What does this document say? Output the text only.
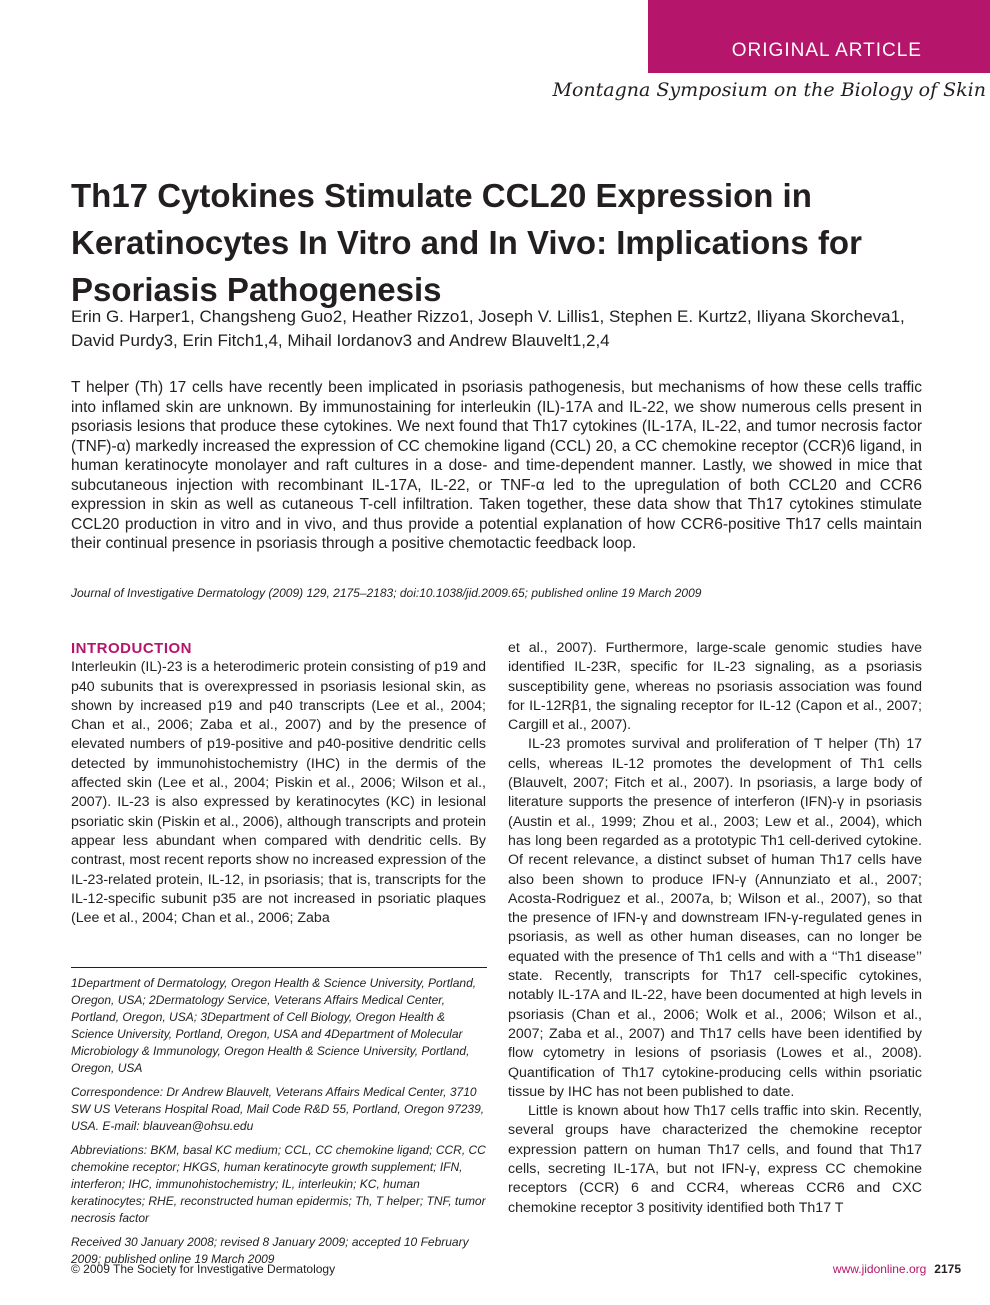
ORIGINAL ARTICLE
Montagna Symposium on the Biology of Skin
Th17 Cytokines Stimulate CCL20 Expression in Keratinocytes In Vitro and In Vivo: Implications for Psoriasis Pathogenesis
Erin G. Harper1, Changsheng Guo2, Heather Rizzo1, Joseph V. Lillis1, Stephen E. Kurtz2, Iliyana Skorcheva1, David Purdy3, Erin Fitch1,4, Mihail Iordanov3 and Andrew Blauvelt1,2,4

T helper (Th) 17 cells have recently been implicated in psoriasis pathogenesis, but mechanisms of how these cells traffic into inflamed skin are unknown. By immunostaining for interleukin (IL)-17A and IL-22, we show numerous cells present in psoriasis lesions that produce these cytokines. We next found that Th17 cytokines (IL-17A, IL-22, and tumor necrosis factor (TNF)-α) markedly increased the expression of CC chemokine ligand (CCL) 20, a CC chemokine receptor (CCR)6 ligand, in human keratinocyte monolayer and raft cultures in a dose- and time-dependent manner. Lastly, we showed in mice that subcutaneous injection with recombinant IL-17A, IL-22, or TNF-α led to the upregulation of both CCL20 and CCR6 expression in skin as well as cutaneous T-cell infiltration. Taken together, these data show that Th17 cytokines stimulate CCL20 production in vitro and in vivo, and thus provide a potential explanation of how CCR6-positive Th17 cells maintain their continual presence in psoriasis through a positive chemotactic feedback loop.

Journal of Investigative Dermatology (2009) 129, 2175–2183; doi:10.1038/jid.2009.65; published online 19 March 2009
INTRODUCTION

Interleukin (IL)-23 is a heterodimeric protein consisting of p19 and p40 subunits that is overexpressed in psoriasis lesional skin, as shown by increased p19 and p40 transcripts (Lee et al., 2004; Chan et al., 2006; Zaba et al., 2007) and by the presence of elevated numbers of p19-positive and p40-positive dendritic cells detected by immunohistochemistry (IHC) in the dermis of the affected skin (Lee et al., 2004; Piskin et al., 2006; Wilson et al., 2007). IL-23 is also expressed by keratinocytes (KC) in lesional psoriatic skin (Piskin et al., 2006), although transcripts and protein appear less abundant when compared with dendritic cells. By contrast, most recent reports show no increased expression of the IL-23-related protein, IL-12, in psoriasis; that is, transcripts for the IL-12-specific subunit p35 are not increased in psoriatic plaques (Lee et al., 2004; Chan et al., 2006; Zaba

1Department of Dermatology, Oregon Health & Science University, Portland, Oregon, USA; 2Dermatology Service, Veterans Affairs Medical Center, Portland, Oregon, USA; 3Department of Cell Biology, Oregon Health & Science University, Portland, Oregon, USA and 4Department of Molecular Microbiology & Immunology, Oregon Health & Science University, Portland, Oregon, USA

Correspondence: Dr Andrew Blauvelt, Veterans Affairs Medical Center, 3710 SW US Veterans Hospital Road, Mail Code R&D 55, Portland, Oregon 97239, USA. E-mail: blauvean@ohsu.edu

Abbreviations: BKM, basal KC medium; CCL, CC chemokine ligand; CCR, CC chemokine receptor; HKGS, human keratinocyte growth supplement; IFN, interferon; IHC, immunohistochemistry; IL, interleukin; KC, human keratinocytes; RHE, reconstructed human epidermis; Th, T helper; TNF, tumor necrosis factor

Received 30 January 2008; revised 8 January 2009; accepted 10 February 2009; published online 19 March 2009

et al., 2007). Furthermore, large-scale genomic studies have identified IL-23R, specific for IL-23 signaling, as a psoriasis susceptibility gene, whereas no psoriasis association was found for IL-12Rβ1, the signaling receptor for IL-12 (Capon et al., 2007; Cargill et al., 2007).

IL-23 promotes survival and proliferation of T helper (Th) 17 cells, whereas IL-12 promotes the development of Th1 cells (Blauvelt, 2007; Fitch et al., 2007). In psoriasis, a large body of literature supports the presence of interferon (IFN)-γ in psoriasis (Austin et al., 1999; Zhou et al., 2003; Lew et al., 2004), which has long been regarded as a prototypic Th1 cell-derived cytokine. Of recent relevance, a distinct subset of human Th17 cells have also been shown to produce IFN-γ (Annunziato et al., 2007; Acosta-Rodriguez et al., 2007a, b; Wilson et al., 2007), so that the presence of IFN-γ and downstream IFN-γ-regulated genes in psoriasis, as well as other human diseases, can no longer be equated with the presence of Th1 cells and with a ‘‘Th1 disease’’ state. Recently, transcripts for Th17 cell-specific cytokines, notably IL-17A and IL-22, have been documented at high levels in psoriasis (Chan et al., 2006; Wolk et al., 2006; Wilson et al., 2007; Zaba et al., 2007) and Th17 cells have been identified by flow cytometry in lesions of psoriasis (Lowes et al., 2008). Quantification of Th17 cytokine-producing cells within psoriatic tissue by IHC has not been published to date.

Little is known about how Th17 cells traffic into skin. Recently, several groups have characterized the chemokine receptor expression pattern on human Th17 cells, and found that Th17 cells, secreting IL-17A, but not IFN-γ, express CC chemokine receptors (CCR) 6 and CCR4, whereas CCR6 and CXC chemokine receptor 3 positivity identified both Th17 T

© 2009 The Society for Investigative Dermatology	www.jidonline.org 2175
